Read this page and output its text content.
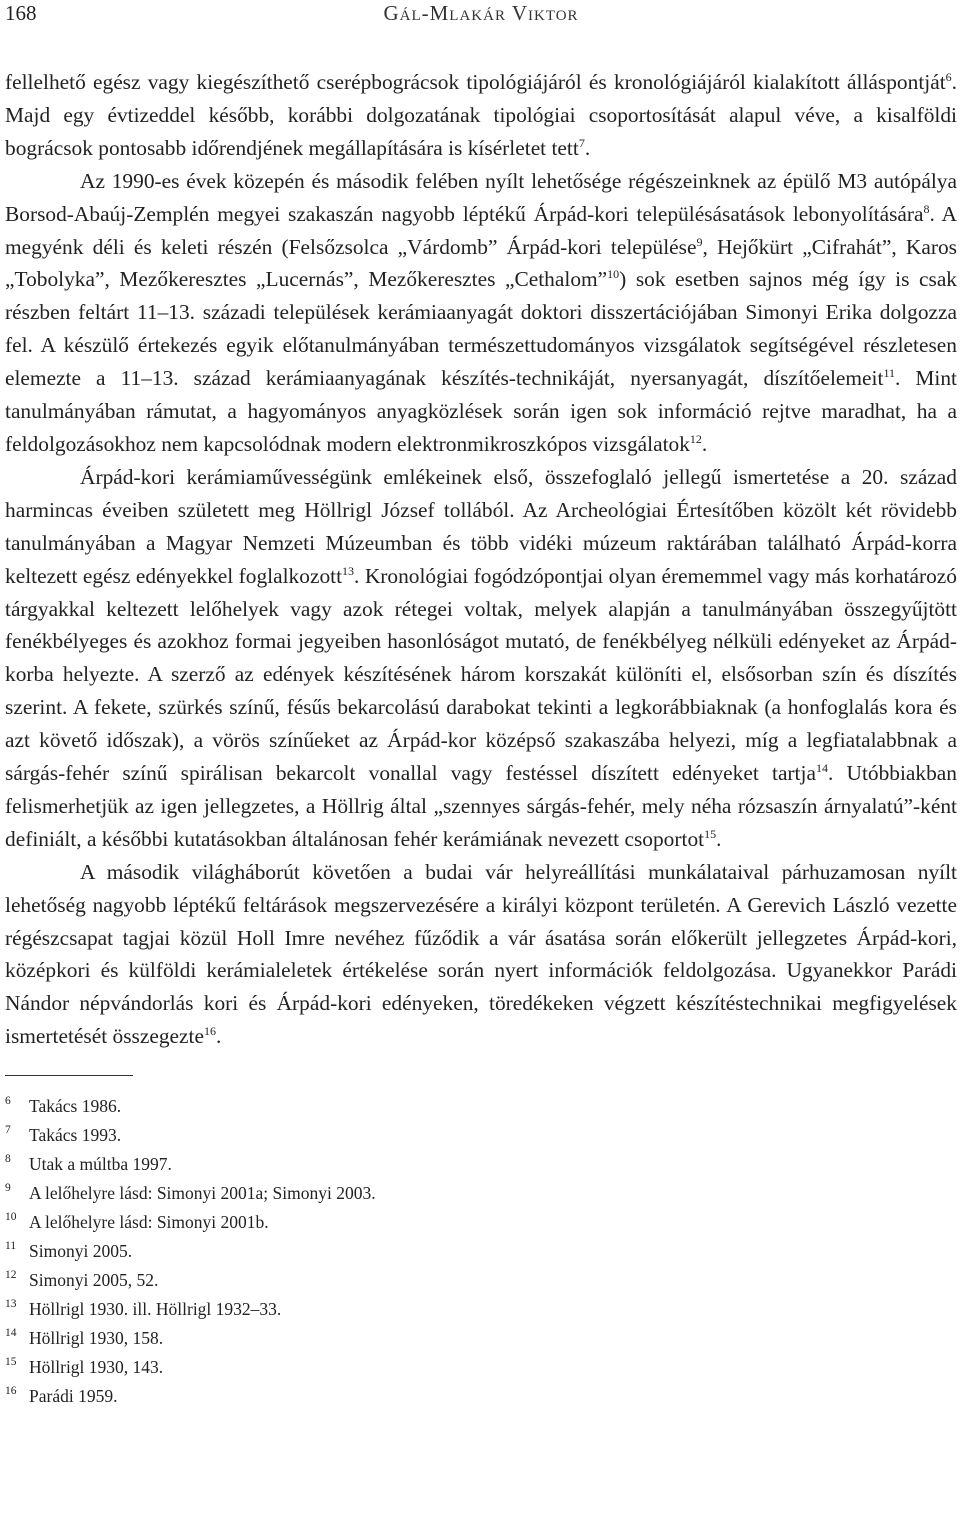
168	Gál-Mlakár Viktor

fellelhető egész vagy kiegészíthető cserépbográcsok tipológiájáról és kronológiájáról kialakított álláspontját$^6$. Majd egy évtizeddel később, korábbi dolgozatának tipológiai csoportosítását alapul véve, a kisalföldi bográcsok pontosabb időrendjének megállapítására is kísérletet tett$^7$.

Az 1990-es évek közepén és második felében nyílt lehetősége régészeinknek az épülő M3 autópálya Borsod-Abaúj-Zemplén megyei szakaszán nagyobb léptékű Árpád-kori településásatások lebonyolítására$^8$. A megyénk déli és keleti részén (Felsőzsolca „Várdomb” Árpád-kori települése$^9$, Hejőkürt „Cifrahát”, Karos „Tobolyka”, Mezőkeresztes „Lucernás”, Mezőkeresztes „Cethalom”$^{10}$) sok esetben sajnos még így is csak részben feltárt 11–13. századi települések kerámiaanyagát doktori disszertációjában Simonyi Erika dolgozza fel. A készülő értekezés egyik előtanulmányában természettudományos vizsgálatok segítségével részletesen elemezte a 11–13. század kerámiaanyagának készítés-technikáját, nyersanyagát, díszítőelemeit$^{11}$. Mint tanulmányában rámutat, a hagyományos anyagközlések során igen sok információ rejtve maradhat, ha a feldolgozásokhoz nem kapcsolódnak modern elektronmikroszkópos vizsgálatok$^{12}$.

Árpád-kori kerámiaművességünk emlékeinek első, összefoglaló jellegű ismertetése a 20. század harmincas éveiben született meg Höllrigl József tollából. Az Archeológiai Értesítőben közölt két rövidebb tanulmányában a Magyar Nemzeti Múzeumban és több vidéki múzeum raktárában található Árpád-korra keltezett egész edényekkel foglalkozott$^{13}$. Kronológiai fogódzópontjai olyan érememmel vagy más korhatározó tárgyakkal keltezett lelőhelyek vagy azok rétegei voltak, melyek alapján a tanulmányában összegyűjtött fenékbélyeges és azokhoz formai jegyeiben hasonlóságot mutató, de fenékbélyeg nélküli edényeket az Árpád-korba helyezte. A szerző az edények készítésének három korszakát különíti el, elsősorban szín és díszítés szerint. A fekete, szürkés színű, fésűs bekarcolású darabokat tekinti a legkorábbiaknak (a honfoglalás kora és azt követő időszak), a vörös színűeket az Árpád-kor középső szakaszába helyezi, míg a legfiatalabbnak a sárgás-fehér színű spirálisan bekarcolt vonallal vagy festéssel díszített edényeket tartja$^{14}$. Utóbbiakban felismerhetjük az igen jellegzetes, a Höllrig által „szennyes sárgás-fehér, mely néha rózsaszín árnyalatú”-ként definiált, a későbbi kutatásokban általánosan fehér kerámiának nevezett csoportot$^{15}$.

A második világháborút követően a budai vár helyreállítási munkálataival párhuzamosan nyílt lehetőség nagyobb léptékű feltárások megszervezésére a királyi központ területén. A Gerevich László vezette régészcsapat tagjai közül Holl Imre nevéhez fűződik a vár ásatása során előkerült jellegzetes Árpád-kori, középkori és külföldi kerámialeletek értékelése során nyert információk feldolgozása. Ugyanekkor Parádi Nándor népvándorlás kori és Árpád-kori edényeken, töredékeken végzett készítéstechnikai megfigyelések ismertetését összegezte$^{16}$.

6 Takács 1986.
7 Takács 1993.
8 Utak a múltba 1997.
9 A lelőhelyre lásd: Simonyi 2001a; Simonyi 2003.
10 A lelőhelyre lásd: Simonyi 2001b.
11 Simonyi 2005.
12 Simonyi 2005, 52.
13 Höllrigl 1930. ill. Höllrigl 1932–33.
14 Höllrigl 1930, 158.
15 Höllrigl 1930, 143.
16 Parádi 1959.
